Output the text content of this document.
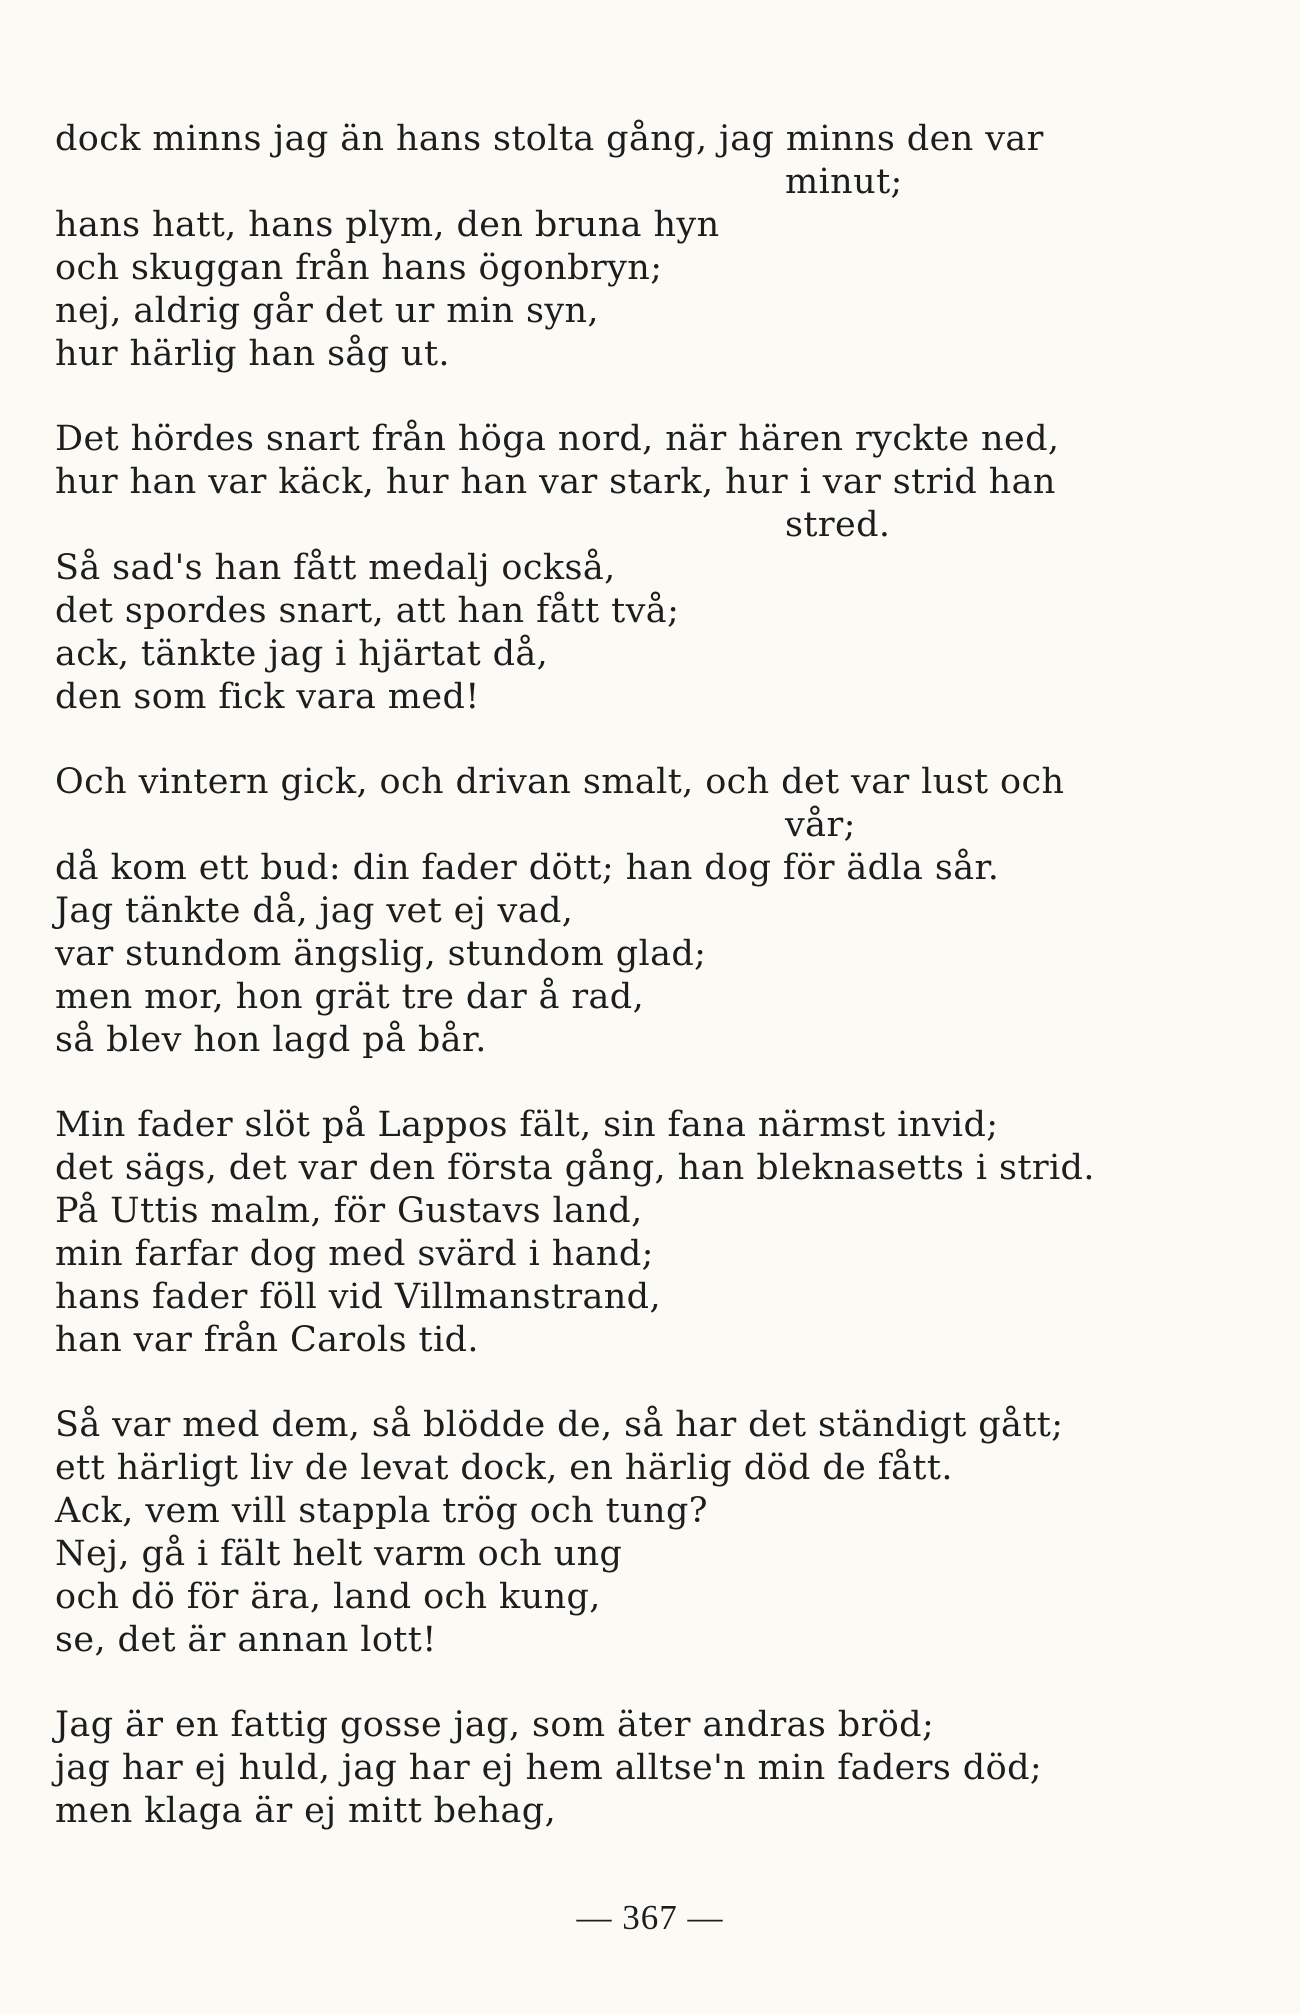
dock minns jag än hans stolta gång, jag minns den var
minut;
hans hatt, hans plym, den bruna hyn
och skuggan från hans ögonbryn;
nej, aldrig går det ur min syn,
hur härlig han såg ut.
Det hördes snart från höga nord, när hären ryckte ned,
hur han var käck, hur han var stark, hur i var strid han
stred.
Så sad's han fått medalj också,
det spordes snart, att han fått två;
ack, tänkte jag i hjärtat då,
den som fick vara med!
Och vintern gick, och drivan smalt, och det var lust och
vår;
då kom ett bud: din fader dött; han dog för ädla sår.
Jag tänkte då, jag vet ej vad,
var stundom ängslig, stundom glad;
men mor, hon grät tre dar å rad,
så blev hon lagd på bår.
Min fader slöt på Lappos fält, sin fana närmst invid;
det sägs, det var den första gång, han bleknasetts i strid.
På Uttis malm, för Gustavs land,
min farfar dog med svärd i hand;
hans fader föll vid Villmanstrand,
han var från Carols tid.
Så var med dem, så blödde de, så har det ständigt gått;
ett härligt liv de levat dock, en härlig död de fått.
Ack, vem vill stappla trög och tung?
Nej, gå i fält helt varm och ung
och dö för ära, land och kung,
se, det är annan lott!
Jag är en fattig gosse jag, som äter andras bröd;
jag har ej huld, jag har ej hem alltse'n min faders död;
men klaga är ej mitt behag,
— 367 —
